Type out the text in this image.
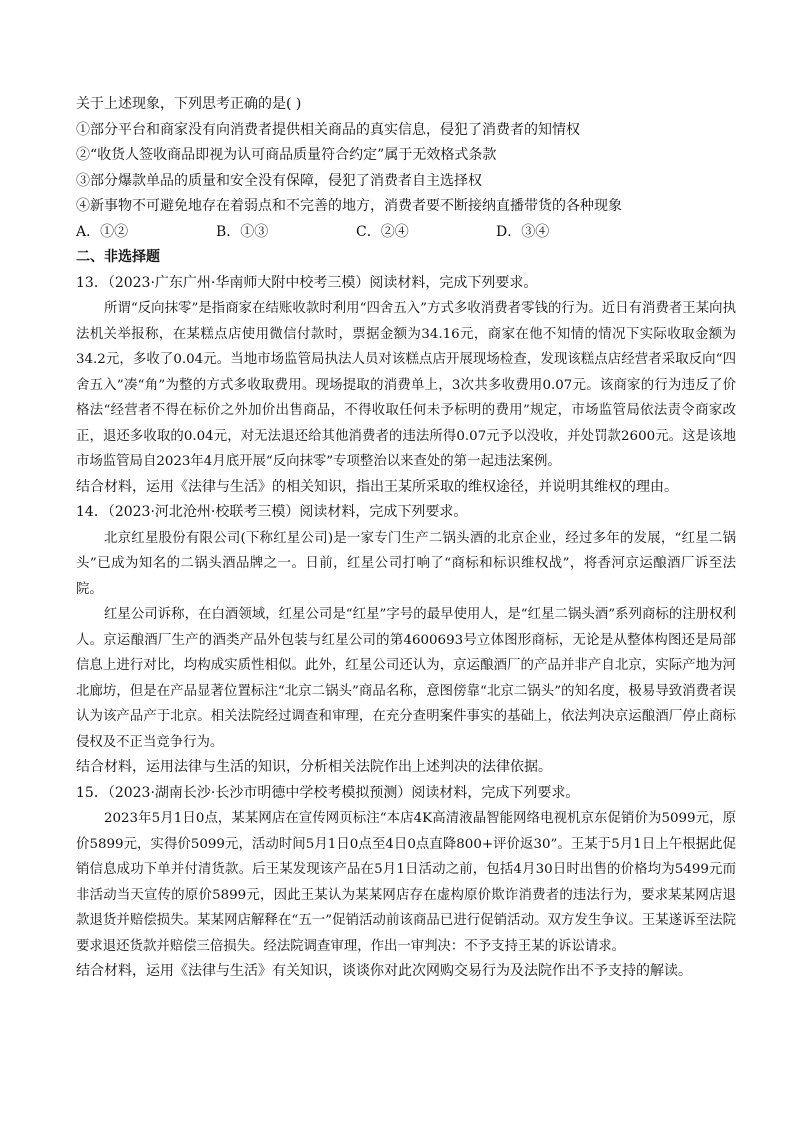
关于上述现象，下列思考正确的是( )

①部分平台和商家没有向消费者提供相关商品的真实信息，侵犯了消费者的知情权

②“收货人签收商品即视为认可商品质量符合约定”属于无效格式条款

③部分爆款单品的质量和安全没有保障，侵犯了消费者自主选择权

④新事物不可避免地存在着弱点和不完善的地方，消费者要不断接纳直播带货的各种现象

A．①②	B．①③	C．②④	D．③④

二、非选择题

13．（2023·广东广州·华南师大附中校考三模）阅读材料，完成下列要求。

所谓“反向抹零”是指商家在结账收款时利用“四舍五入”方式多收消费者零钱的行为。近日有消费者王某向执法机关举报称，在某糕点店使用微信付款时，票据金额为34.16元，商家在他不知情的情况下实际收取金额为34.2元，多收了0.04元。当地市场监管局执法人员对该糕点店开展现场检查，发现该糕点店经营者采取反向“四舍五入”凑“角”为整的方式多收取费用。现场提取的消费单上，3次共多收费用0.07元。该商家的行为违反了价格法“经营者不得在标价之外加价出售商品，不得收取任何未予标明的费用”规定，市场监管局依法责令商家改正，退还多收取的0.04元，对无法退还给其他消费者的违法所得0.07元予以没收，并处罚款2600元。这是该地市场监管局自2023年4月底开展“反向抹零”专项整治以来查处的第一起违法案例。

结合材料，运用《法律与生活》的相关知识，指出王某所采取的维权途径，并说明其维权的理由。

14．（2023·河北沧州·校联考三模）阅读材料，完成下列要求。

北京红星股份有限公司(下称红星公司)是一家专门生产二锅头酒的北京企业，经过多年的发展，“红星二锅头”已成为知名的二锅头酒品牌之一。日前，红星公司打响了“商标和标识维权战”，将香河京运酿酒厂诉至法院。

红星公司诉称，在白酒领域，红星公司是“红星”字号的最早使用人，是“红星二锅头酒”系列商标的注册权利人。京运酿酒厂生产的酒类产品外包装与红星公司的第4600693号立体图形商标，无论是从整体构图还是局部信息上进行对比，均构成实质性相似。此外，红星公司还认为，京运酿酒厂的产品并非产自北京，实际产地为河北廊坊，但是在产品显著位置标注“北京二锅头”商品名称，意图傍靠“北京二锅头”的知名度，极易导致消费者误认为该产品产于北京。相关法院经过调查和审理，在充分查明案件事实的基础上，依法判决京运酿酒厂停止商标侵权及不正当竞争行为。

结合材料，运用法律与生活的知识，分析相关法院作出上述判决的法律依据。

15．（2023·湖南长沙·长沙市明德中学校考模拟预测）阅读材料，完成下列要求。

2023年5月1日0点，某某网店在宣传网页标注“本店4K高清液晶智能网络电视机京东促销价为5099元，原价5899元，实得价5099元，活动时间5月1日0点至4日0点直降800+评价返30”。王某于5月1日上午根据此促销信息成功下单并付清货款。后王某发现该产品在5月1日活动之前，包括4月30日时出售的价格均为5499元而非活动当天宣传的原价5899元，因此王某认为某某网店存在虚构原价欺诈消费者的违法行为，要求某某网店退款退货并赔偿损失。某某网店解释在“五一”促销活动前该商品已进行促销活动。双方发生争议。王某遂诉至法院要求退还货款并赔偿三倍损失。经法院调查审理，作出一审判决：不予支持王某的诉讼请求。

结合材料，运用《法律与生活》有关知识，谈谈你对此次网购交易行为及法院作出不予支持的解读。
